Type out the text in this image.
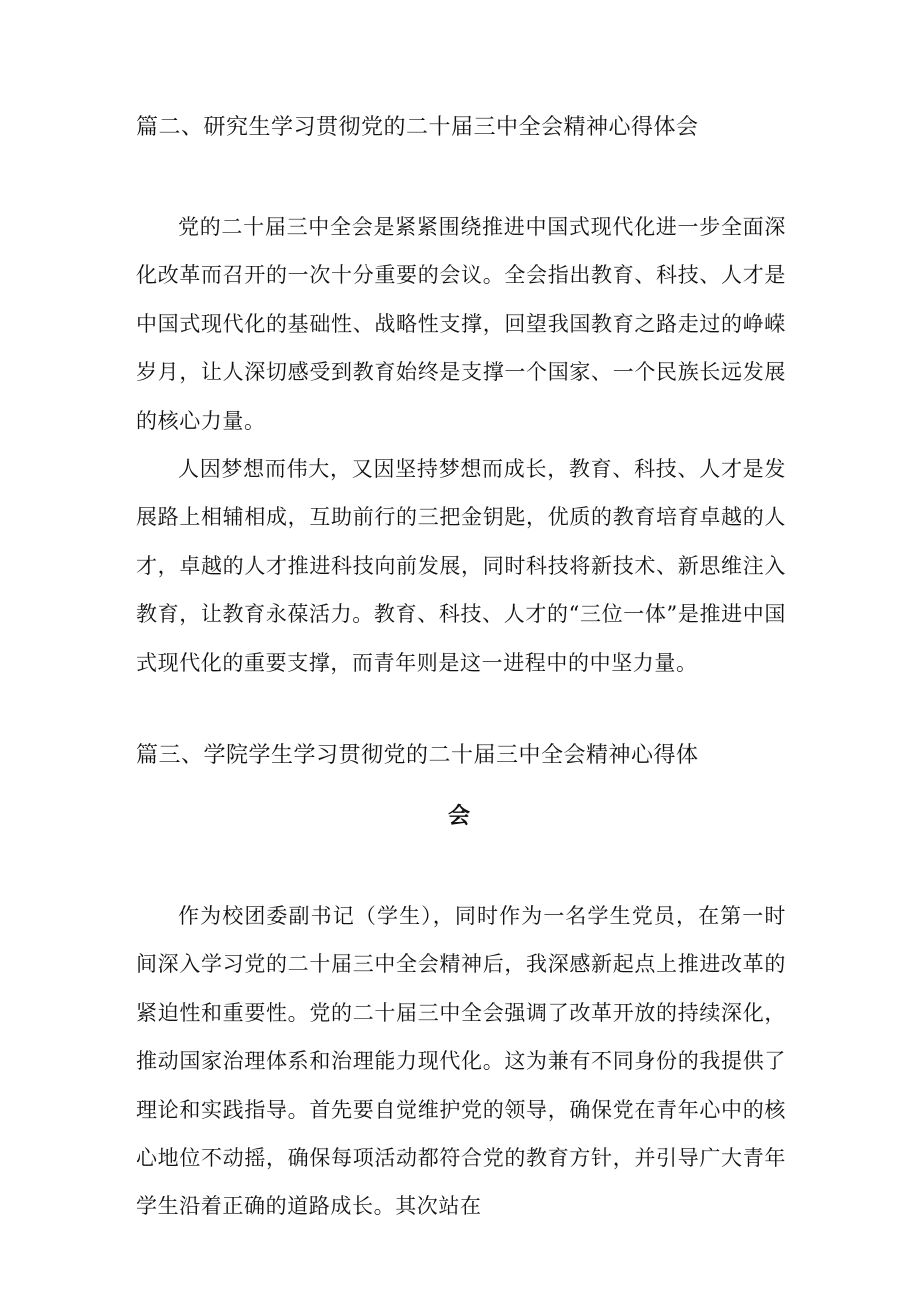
篇二、研究生学习贯彻党的二十届三中全会精神心得体会

党的二十届三中全会是紧紧围绕推进中国式现代化进一步全面深化改革而召开的一次十分重要的会议。全会指出教育、科技、人才是中国式现代化的基础性、战略性支撑，回望我国教育之路走过的峥嵘岁月，让人深切感受到教育始终是支撑一个国家、一个民族长远发展的核心力量。

人因梦想而伟大，又因坚持梦想而成长，教育、科技、人才是发展路上相辅相成，互助前行的三把金钥匙，优质的教育培育卓越的人才，卓越的人才推进科技向前发展，同时科技将新技术、新思维注入教育，让教育永葆活力。教育、科技、人才的“三位一体”是推进中国式现代化的重要支撑，而青年则是这一进程中的中坚力量。

篇三、学院学生学习贯彻党的二十届三中全会精神心得体
会

作为校团委副书记（学生），同时作为一名学生党员，在第一时间深入学习党的二十届三中全会精神后，我深感新起点上推进改革的紧迫性和重要性。党的二十届三中全会强调了改革开放的持续深化，推动国家治理体系和治理能力现代化。这为兼有不同身份的我提供了理论和实践指导。首先要自觉维护党的领导，确保党在青年心中的核心地位不动摇，确保每项活动都符合党的教育方针，并引导广大青年学生沿着正确的道路成长。其次站在
